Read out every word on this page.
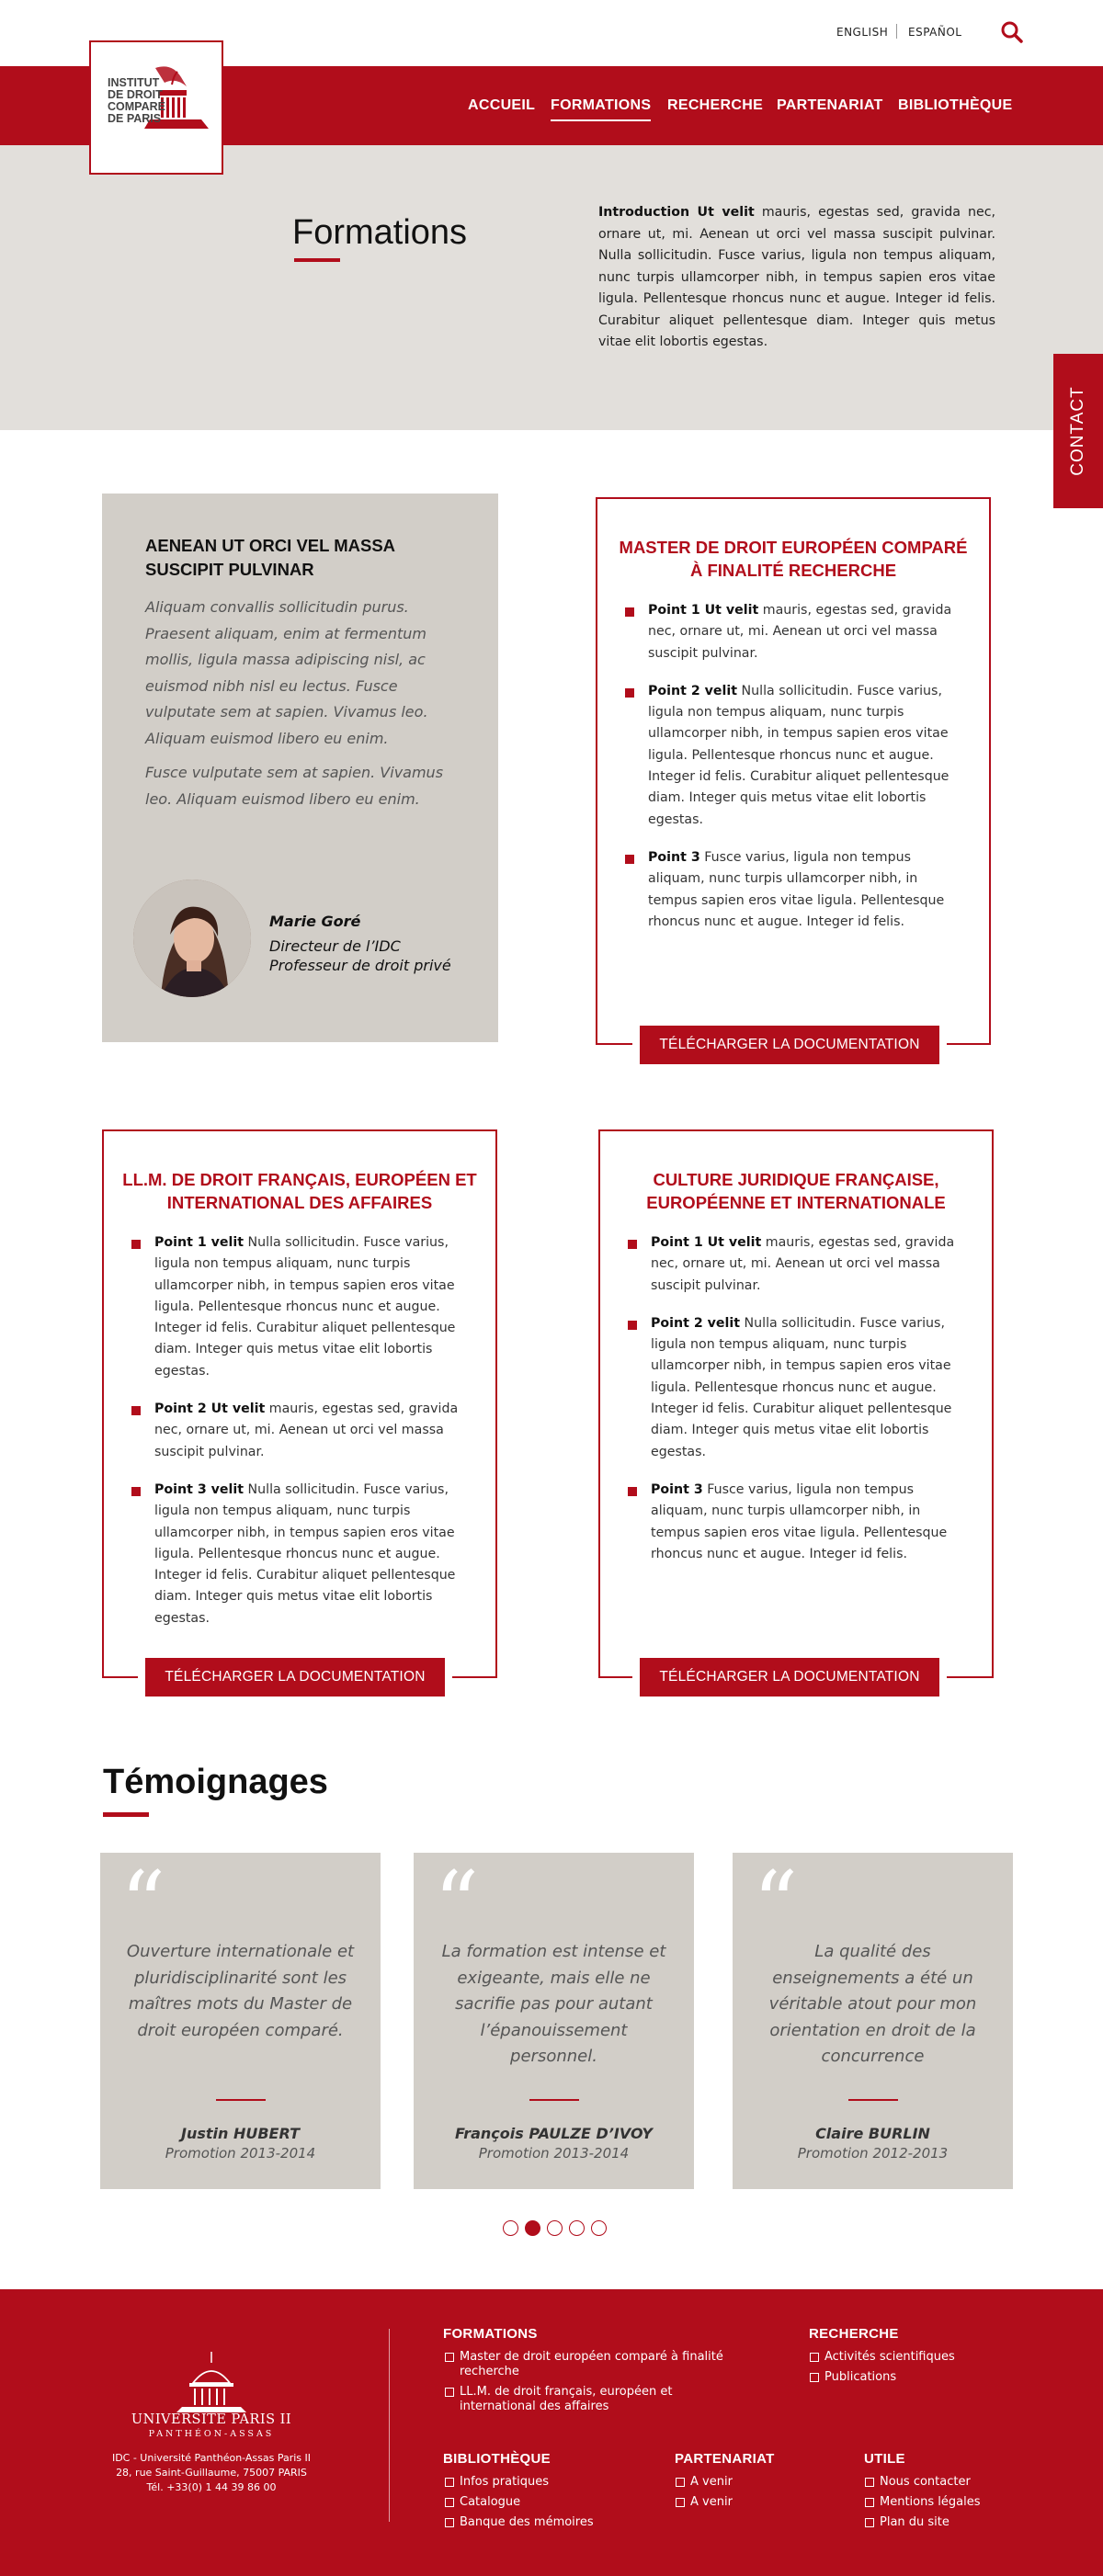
ENGLISH ESPAÑOL
ACCUEIL FORMATIONS RECHERCHE PARTENARIAT BIBLIOTHÈQUE
INSTITUT
DE DROIT
COMPARÉ
DE PARIS
Formations

Introduction Ut velit mauris, egestas sed, gravida nec, ornare ut, mi. Aenean ut orci vel massa suscipit pulvinar. Nulla sollicitudin. Fusce varius, ligula non tempus aliquam, nunc turpis ullamcorper nibh, in tempus sapien eros vitae ligula. Pellentesque rhoncus nunc et augue. Integer id felis. Curabitur aliquet pellentesque diam. Integer quis metus vitae elit lobortis egestas.

CONTACT
AENEAN UT ORCI VEL MASSA SUSCIPIT PULVINAR

Aliquam convallis sollicitudin purus. Praesent aliquam, enim at fermentum mollis, ligula massa adipiscing nisl, ac euismod nibh nisl eu lectus. Fusce vulputate sem at sapien. Vivamus leo. Aliquam euismod libero eu enim.

Fusce vulputate sem at sapien. Vivamus leo. Aliquam euismod libero eu enim.

Marie Goré
Directeur de l’IDC
Professeur de droit privé
MASTER DE DROIT EUROPÉEN COMPARÉ À FINALITÉ RECHERCHE
Point 1 Ut velit mauris, egestas sed, gravida nec, ornare ut, mi. Aenean ut orci vel massa suscipit pulvinar.
Point 2 velit Nulla sollicitudin. Fusce varius, ligula non tempus aliquam, nunc turpis ullamcorper nibh, in tempus sapien eros vitae ligula. Pellentesque rhoncus nunc et augue. Integer id felis. Curabitur aliquet pellentesque diam. Integer quis metus vitae elit lobortis egestas.
Point 3 Fusce varius, ligula non tempus aliquam, nunc turpis ullamcorper nibh, in tempus sapien eros vitae ligula. Pellentesque rhoncus nunc et augue. Integer id felis.
TÉLÉCHARGER LA DOCUMENTATION
LL.M. DE DROIT FRANÇAIS, EUROPÉEN ET INTERNATIONAL DES AFFAIRES
Point 1 velit Nulla sollicitudin. Fusce varius, ligula non tempus aliquam, nunc turpis ullamcorper nibh, in tempus sapien eros vitae ligula. Pellentesque rhoncus nunc et augue. Integer id felis. Curabitur aliquet pellentesque diam. Integer quis metus vitae elit lobortis egestas.
Point 2 Ut velit mauris, egestas sed, gravida nec, ornare ut, mi. Aenean ut orci vel massa suscipit pulvinar.
Point 3 velit Nulla sollicitudin. Fusce varius, ligula non tempus aliquam, nunc turpis ullamcorper nibh, in tempus sapien eros vitae ligula. Pellentesque rhoncus nunc et augue. Integer id felis. Curabitur aliquet pellentesque diam. Integer quis metus vitae elit lobortis egestas.
TÉLÉCHARGER LA DOCUMENTATION
CULTURE JURIDIQUE FRANÇAISE, EUROPÉENNE ET INTERNATIONALE
Point 1 Ut velit mauris, egestas sed, gravida nec, ornare ut, mi. Aenean ut orci vel massa suscipit pulvinar.
Point 2 velit Nulla sollicitudin. Fusce varius, ligula non tempus aliquam, nunc turpis ullamcorper nibh, in tempus sapien eros vitae ligula. Pellentesque rhoncus nunc et augue. Integer id felis. Curabitur aliquet pellentesque diam. Integer quis metus vitae elit lobortis egestas.
Point 3 Fusce varius, ligula non tempus aliquam, nunc turpis ullamcorper nibh, in tempus sapien eros vitae ligula. Pellentesque rhoncus nunc et augue. Integer id felis.
TÉLÉCHARGER LA DOCUMENTATION
Témoignages
“

Ouverture internationale et pluridisciplinarité sont les maîtres mots du Master de droit européen comparé.

Justin HUBERT
Promotion 2013-2014
“

La formation est intense et exigeante, mais elle ne sacrifie pas pour autant l’épanouissement personnel.

François PAULZE D’IVOY
Promotion 2013-2014
“	La qualité des enseignements a été un véritable atout pour mon orientation en droit de la concurrence

Claire BURLIN
Promotion 2012-2013
UNIVERSITÉ PARIS II
PANTHÉON-ASSAS
IDC - Université Panthéon-Assas Paris II
28, rue Saint-Guillaume, 75007 PARIS
Tél. +33(0) 1 44 39 86 00
FORMATIONS
Master de droit européen comparé à finalité recherche
LL.M. de droit français, européen et international des affaires
RECHERCHE
Activités scientifiques
Publications
BIBLIOTHÈQUE
Infos pratiques
Catalogue
Banque des mémoires
PARTENARIAT
A venir
A venir
UTILE
Nous contacter
Mentions légales
Plan du site
